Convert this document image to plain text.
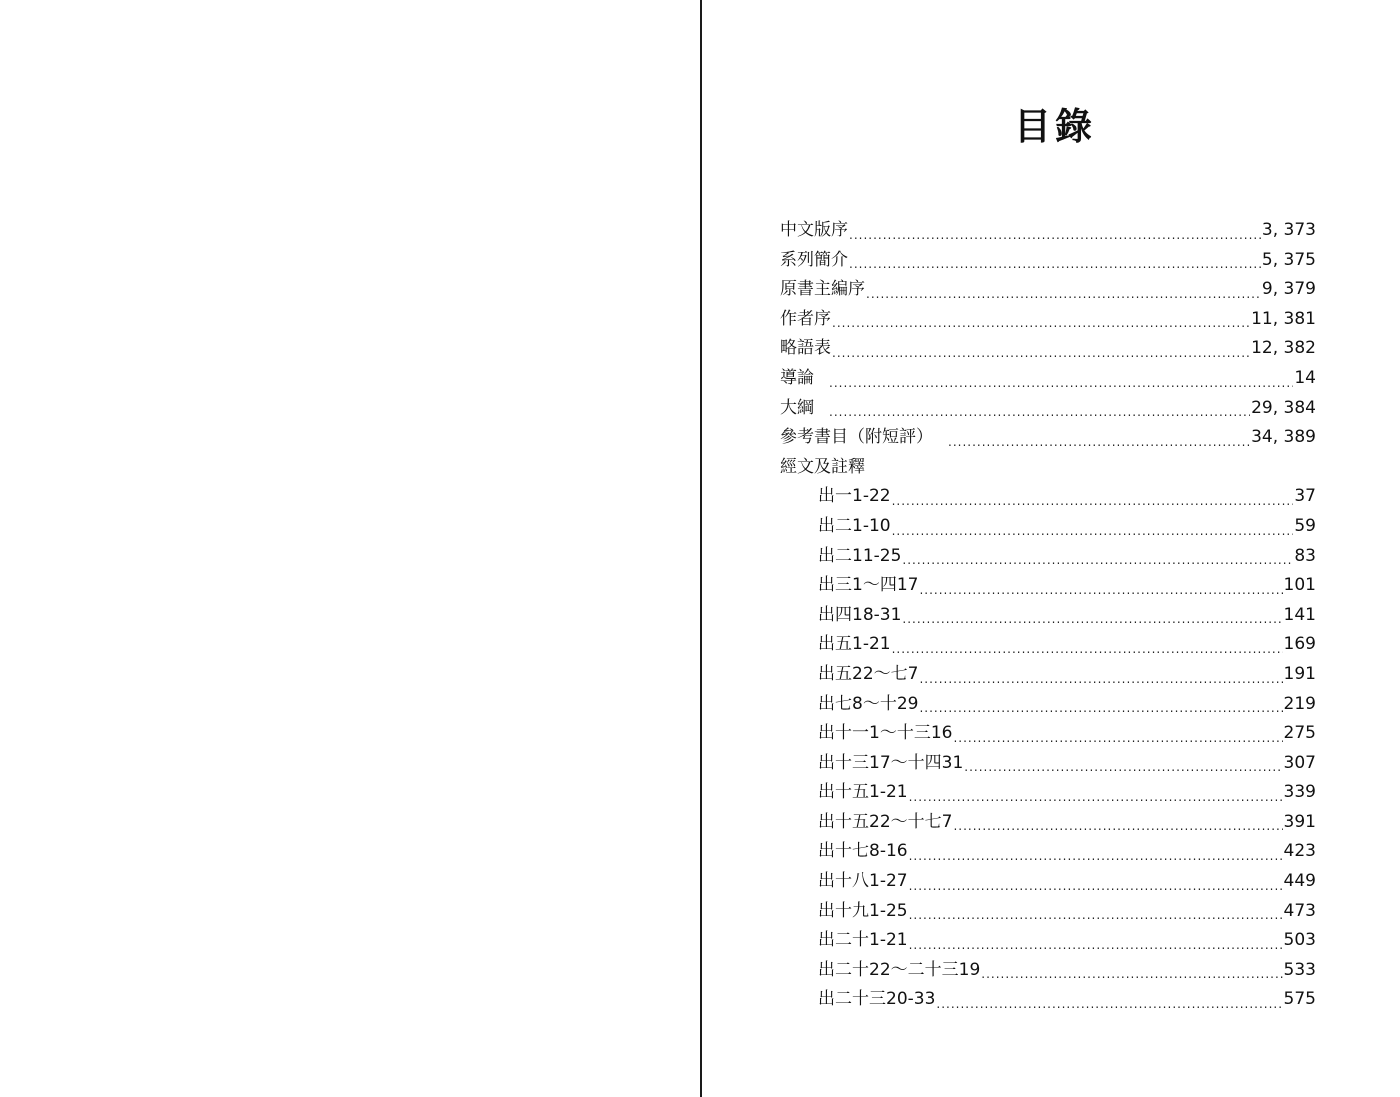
目錄
中文版序 .....	3, 373
系列簡介 .....	5, 375
原書主編序 .....	9, 379
作者序 .....	11, 381
略語表 .....	12, 382
導論 .....	14
大綱 .....	29, 384
參考書目（附短評） .....	34, 389
經文及註釋
出一1-22 .....	37
出二1-10 .....	59
出二11-25 .....	83
出三1～四17 .....	101
出四18-31 .....	141
出五1-21 .....	169
出五22～七7 .....	191
出七8～十29 .....	219
出十一1～十三16 .....	275
出十三17～十四31 .....	307
出十五1-21 .....	339
出十五22～十七7 .....	391
出十七8-16 .....	423
出十八1-27 .....	449
出十九1-25 .....	473
出二十1-21 .....	503
出二十22～二十三19 .....	533
出二十三20-33 .....	575
